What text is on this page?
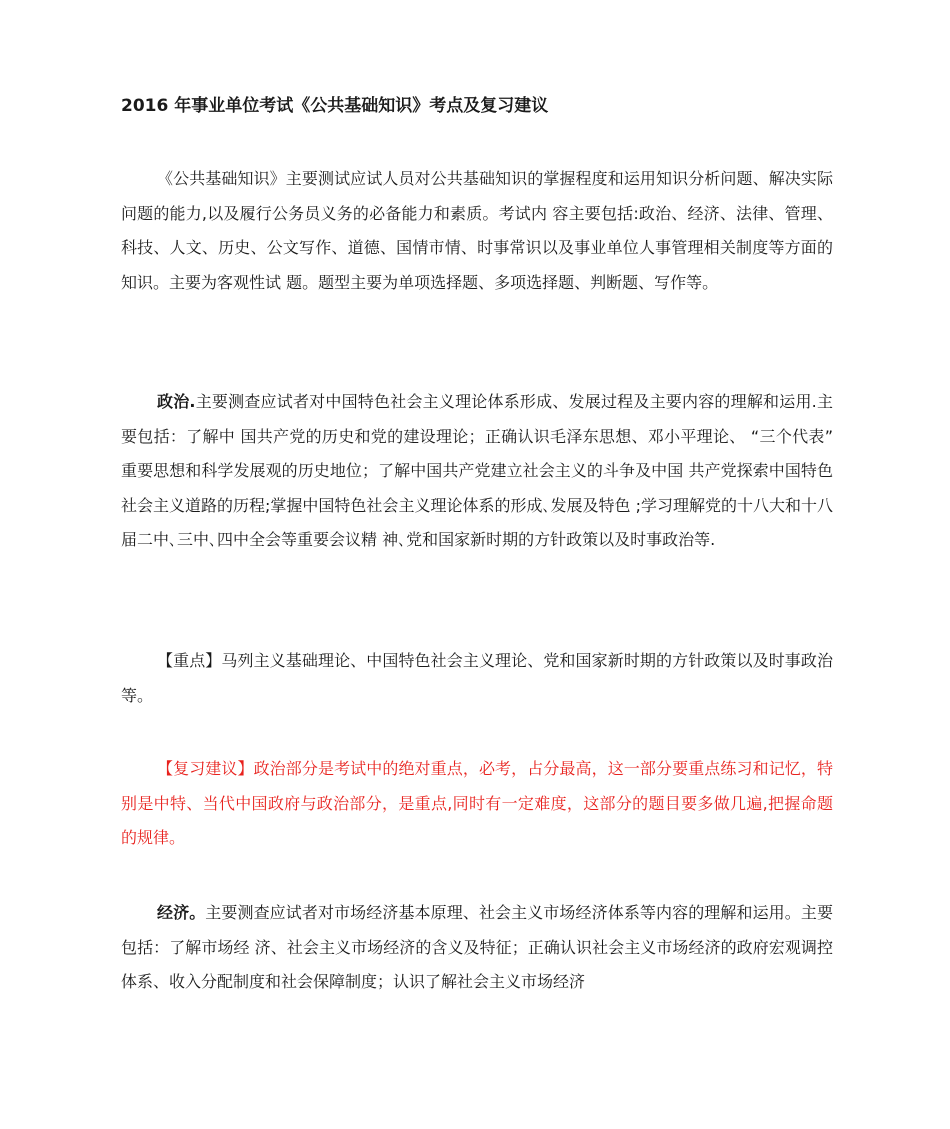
2016 年事业单位考试《公共基础知识》考点及复习建议

《公共基础知识》主要测试应试人员对公共基础知识的掌握程度和运用知识分析问题、解决实际问题的能力,以及履行公务员义务的必备能力和素质。考试内 容主要包括:政治、经济、法律、管理、科技、人文、历史、公文写作、道德、国情市情、时事常识以及事业单位人事管理相关制度等方面的知识。主要为客观性试 题。题型主要为单项选择题、多项选择题、判断题、写作等。

政治.主要测查应试者对中国特色社会主义理论体系形成、发展过程及主要内容的理解和运用.主要包括：了解中 国共产党的历史和党的建设理论；正确认识毛泽东思想、邓小平理论、 “三个代表” 重要思想和科学发展观的历史地位；了解中国共产党建立社会主义的斗争及中国 共产党探索中国特色社会主义道路的历程;掌握中国特色社会主义理论体系的形成､发展及特色 ;学习理解党的十八大和十八届二中､三中､四中全会等重要会议精 神､党和国家新时期的方针政策以及时事政治等.

【重点】马列主义基础理论、中国特色社会主义理论、党和国家新时期的方针政策以及时事政治等。

【复习建议】政治部分是考试中的绝对重点，必考，占分最高，这一部分要重点练习和记忆，特别是中特、当代中国政府与政治部分，是重点,同时有一定难度，这部分的题目要多做几遍,把握命题的规律。

经济。主要测查应试者对市场经济基本原理、社会主义市场经济体系等内容的理解和运用。主要包括：了解市场经 济、社会主义市场经济的含义及特征；正确认识社会主义市场经济的政府宏观调控体系、收入分配制度和社会保障制度；认识了解社会主义市场经济
